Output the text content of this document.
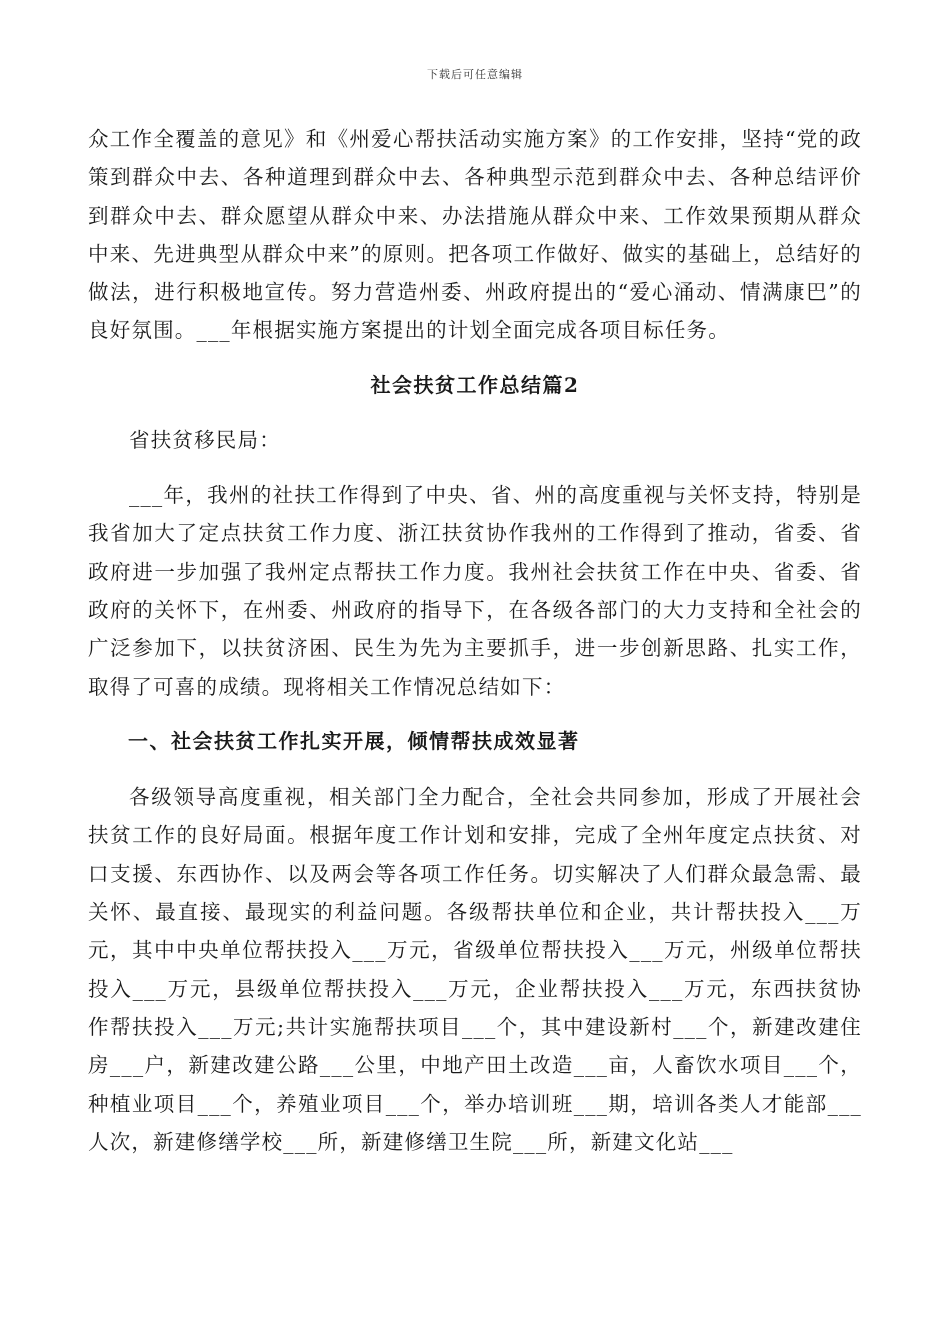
下载后可任意编辑

众工作全覆盖的意见》和《州爱心帮扶活动实施方案》的工作安排，坚持“党的政策到群众中去、各种道理到群众中去、各种典型示范到群众中去、各种总结评价到群众中去、群众愿望从群众中来、办法措施从群众中来、工作效果预期从群众中来、先进典型从群众中来”的原则。把各项工作做好、做实的基础上，总结好的做法，进行积极地宣传。努力营造州委、州政府提出的“爱心涌动、情满康巴”的良好氛围。___年根据实施方案提出的计划全面完成各项目标任务。

社会扶贫工作总结篇2

省扶贫移民局：

___年，我州的社扶工作得到了中央、省、州的高度重视与关怀支持，特别是我省加大了定点扶贫工作力度、浙江扶贫协作我州的工作得到了推动，省委、省政府进一步加强了我州定点帮扶工作力度。我州社会扶贫工作在中央、省委、省政府的关怀下，在州委、州政府的指导下，在各级各部门的大力支持和全社会的广泛参加下，以扶贫济困、民生为先为主要抓手，进一步创新思路、扎实工作，取得了可喜的成绩。现将相关工作情况总结如下：

一、社会扶贫工作扎实开展，倾情帮扶成效显著

各级领导高度重视，相关部门全力配合，全社会共同参加，形成了开展社会扶贫工作的良好局面。根据年度工作计划和安排，完成了全州年度定点扶贫、对口支援、东西协作、以及两会等各项工作任务。切实解决了人们群众最急需、最关怀、最直接、最现实的利益问题。各级帮扶单位和企业，共计帮扶投入___万元，其中中央单位帮扶投入___万元，省级单位帮扶投入___万元，州级单位帮扶投入___万元，县级单位帮扶投入___万元，企业帮扶投入___万元，东西扶贫协作帮扶投入___万元;共计实施帮扶项目___个，其中建设新村___个，新建改建住房___户，新建改建公路___公里，中地产田土改造___亩，人畜饮水项目___个，种植业项目___个，养殖业项目___个，举办培训班___期，培训各类人才能部___人次，新建修缮学校___所，新建修缮卫生院___所，新建文化站___
